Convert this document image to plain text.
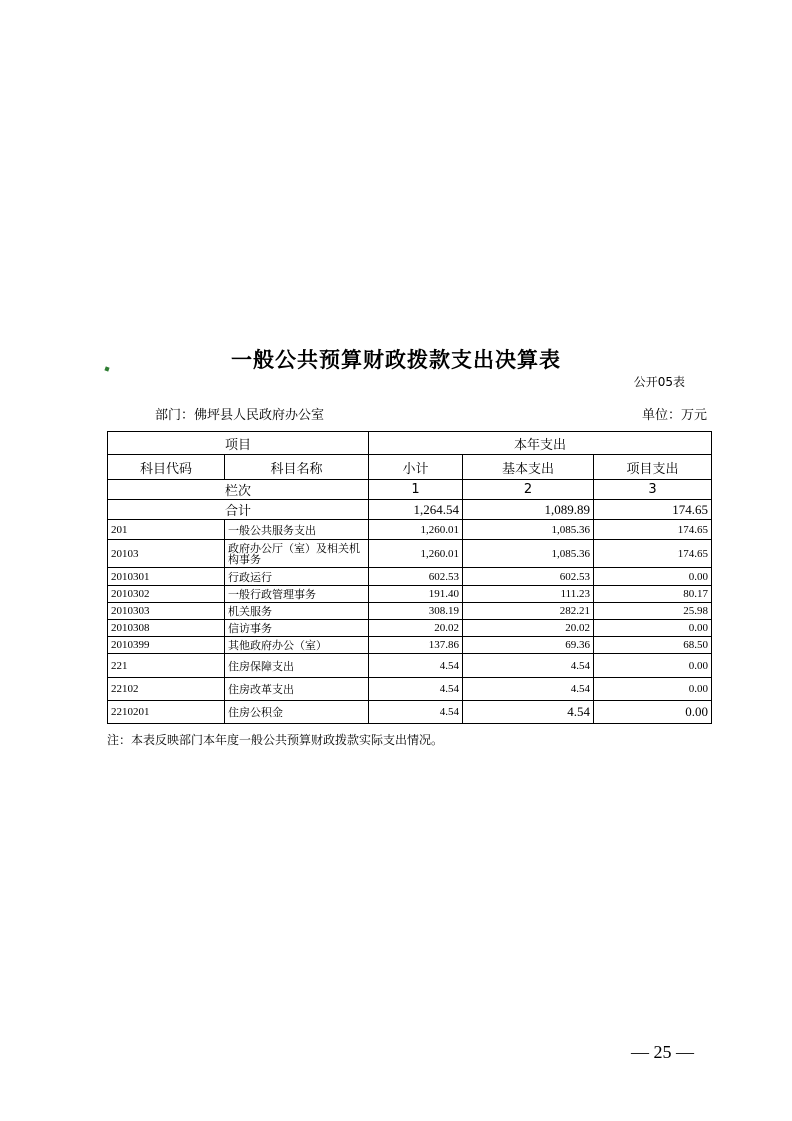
一般公共预算财政拨款支出决算表
公开05表
部门：佛坪县人民政府办公室	单位：万元
项目		本年支出		
科目代码	科目名称	小计	基本支出	项目支出
栏次		1	2	3
合计		1,264.54	1,089.89	174.65
201	一般公共服务支出	1,260.01	1,085.36	174.65
20103	政府办公厅（室）及相关机构事务	1,260.01	1,085.36	174.65
2010301	行政运行	602.53	602.53	0.00
2010302	一般行政管理事务	191.40	111.23	80.17
2010303	机关服务	308.19	282.21	25.98
2010308	信访事务	20.02	20.02	0.00
2010399	其他政府办公（室）	137.86	69.36	68.50
221	住房保障支出	4.54	4.54	0.00
22102	住房改革支出	4.54	4.54	0.00
2210201	住房公积金	4.54	4.54	0.00
注：本表反映部门本年度一般公共预算财政拨款实际支出情况。
— 25 —
